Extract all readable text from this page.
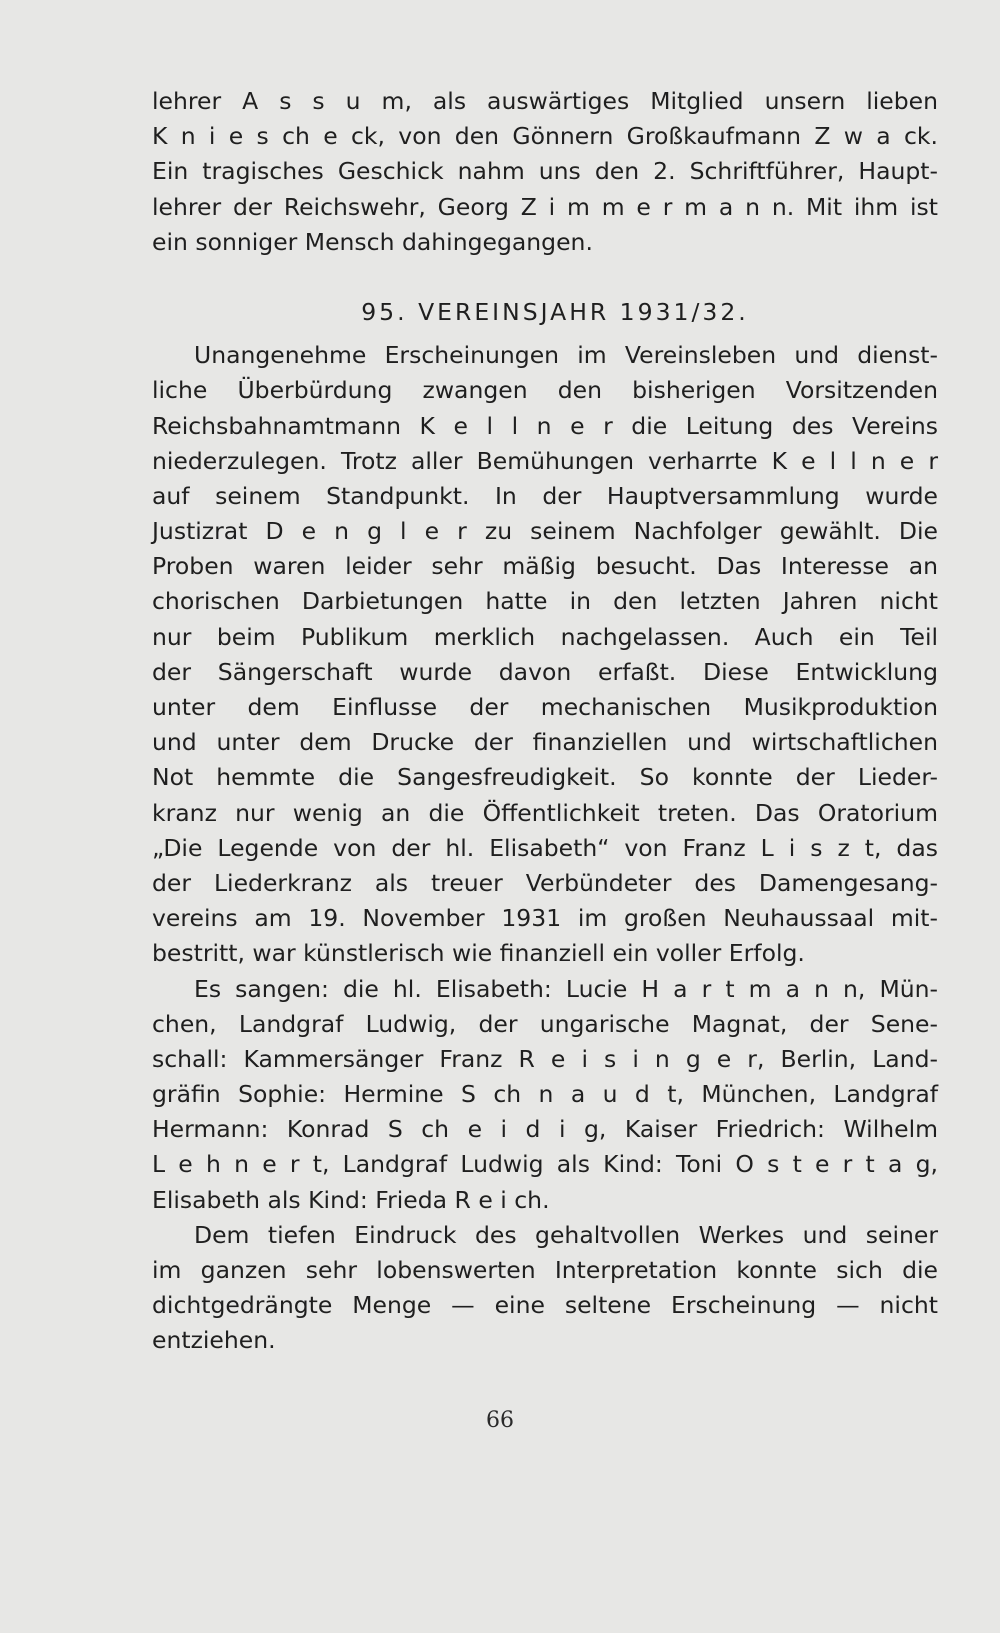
lehrer A s s u m, als auswärtiges Mitglied unsern lieben
K n i e s ch e ck, von den Gönnern Großkaufmann Z w a ck.
Ein tragisches Geschick nahm uns den 2. Schriftführer, Haupt-
lehrer der Reichswehr, Georg Z i m m e r m a n n. Mit ihm ist
ein sonniger Mensch dahingegangen.
95. VEREINSJAHR 1931/32.
Unangenehme Erscheinungen im Vereinsleben und dienst-
liche Überbürdung zwangen den bisherigen Vorsitzenden
Reichsbahnamtmann K e l l n e r die Leitung des Vereins
niederzulegen. Trotz aller Bemühungen verharrte K e l l n e r
auf seinem Standpunkt. In der Hauptversammlung wurde
Justizrat D e n g l e r zu seinem Nachfolger gewählt. Die
Proben waren leider sehr mäßig besucht. Das Interesse an
chorischen Darbietungen hatte in den letzten Jahren nicht
nur beim Publikum merklich nachgelassen. Auch ein Teil
der Sängerschaft wurde davon erfaßt. Diese Entwicklung
unter dem Einflusse der mechanischen Musikproduktion
und unter dem Drucke der finanziellen und wirtschaftlichen
Not hemmte die Sangesfreudigkeit. So konnte der Lieder-
kranz nur wenig an die Öffentlichkeit treten. Das Oratorium
„Die Legende von der hl. Elisabeth“ von Franz L i s z t, das
der Liederkranz als treuer Verbündeter des Damengesang-
vereins am 19. November 1931 im großen Neuhaussaal mit-
bestritt, war künstlerisch wie finanziell ein voller Erfolg.
Es sangen: die hl. Elisabeth: Lucie H a r t m a n n, Mün-
chen, Landgraf Ludwig, der ungarische Magnat, der Sene-
schall: Kammersänger Franz R e i s i n g e r, Berlin, Land-
gräfin Sophie: Hermine S ch n a u d t, München, Landgraf
Hermann: Konrad S ch e i d i g, Kaiser Friedrich: Wilhelm
L e h n e r t, Landgraf Ludwig als Kind: Toni O s t e r t a g,
Elisabeth als Kind: Frieda R e i ch.
Dem tiefen Eindruck des gehaltvollen Werkes und seiner
im ganzen sehr lobenswerten Interpretation konnte sich die
dichtgedrängte Menge — eine seltene Erscheinung — nicht
entziehen.
66
